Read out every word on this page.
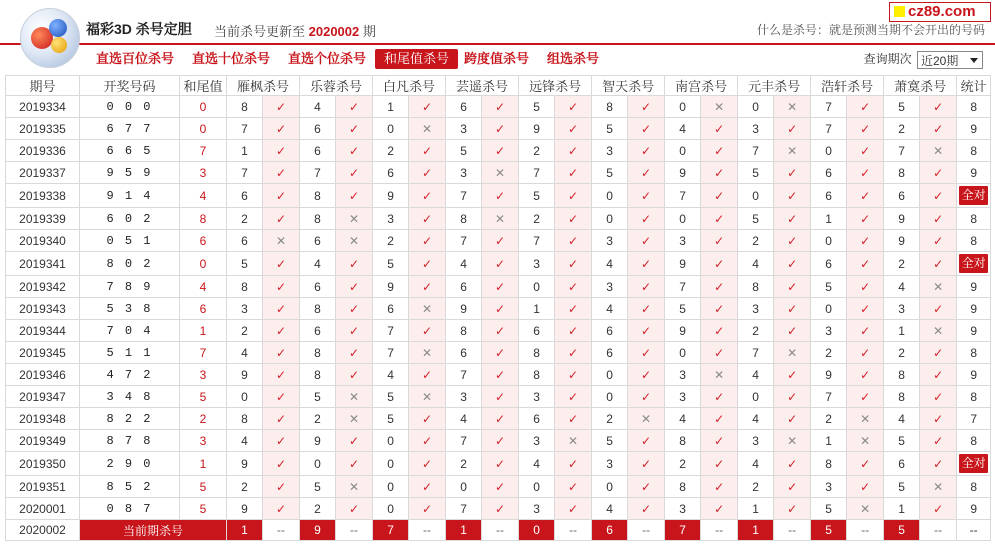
福彩3D 杀号定胆 当前杀号更新至 2020002 期
cz89.com
什么是杀号：就是预测当期不会开出的号码
直选百位杀号 直选十位杀号 直选个位杀号	和尾值杀号	跨度值杀号 组选杀号	查询期次 近20期
期号	开奖号码	和尾值	雁枫杀号		乐蓉杀号		白凡杀号		芸遥杀号		远锋杀号		智天杀号		南宫杀号		元丰杀号		浩轩杀号		萧寞杀号		统计
2019334	0 0 0	0	8	✓	4	✓	1	✓	6	✓	5	✓	8	✓	0	✕	0	✕	7	✓	5	✓	8
2019335	6 7 7	0	7	✓	6	✓	0	✕	3	✓	9	✓	5	✓	4	✓	3	✓	7	✓	2	✓	9
2019336	6 6 5	7	1	✓	6	✓	2	✓	5	✓	2	✓	3	✓	0	✓	7	✕	0	✓	7	✕	8
2019337	9 5 9	3	7	✓	7	✓	6	✓	3	✕	7	✓	5	✓	9	✓	5	✓	6	✓	8	✓	9
2019338	9 1 4	4	6	✓	8	✓	9	✓	7	✓	5	✓	0	✓	7	✓	0	✓	6	✓	6	✓	全对

2019339	6 0 2	8	2	✓	8	✕	3	✓	8	✕	2	✓	0	✓	0	✓	5	✓	1	✓	9	✓	8
2019340	0 5 1	6	6	✕	6	✕	2	✓	7	✓	7	✓	3	✓	3	✓	2	✓	0	✓	9	✓	8
2019341	8 0 2	0	5	✓	4	✓	5	✓	4	✓	3	✓	4	✓	9	✓	4	✓	6	✓	2	✓	全对

2019342	7 8 9	4	8	✓	6	✓	9	✓	6	✓	0	✓	3	✓	7	✓	8	✓	5	✓	4	✕	9
2019343	5 3 8	6	3	✓	8	✓	6	✕	9	✓	1	✓	4	✓	5	✓	3	✓	0	✓	3	✓	9
2019344	7 0 4	1	2	✓	6	✓	7	✓	8	✓	6	✓	6	✓	9	✓	2	✓	3	✓	1	✕	9
2019345	5 1 1	7	4	✓	8	✓	7	✕	6	✓	8	✓	6	✓	0	✓	7	✕	2	✓	2	✓	8
2019346	4 7 2	3	9	✓	8	✓	4	✓	7	✓	8	✓	0	✓	3	✕	4	✓	9	✓	8	✓	9
2019347	3 4 8	5	0	✓	5	✕	5	✕	3	✓	3	✓	0	✓	3	✓	0	✓	7	✓	8	✓	8
2019348	8 2 2	2	8	✓	2	✕	5	✓	4	✓	6	✓	2	✕	4	✓	4	✓	2	✕	4	✓	7
2019349	8 7 8	3	4	✓	9	✓	0	✓	7	✓	3	✕	5	✓	8	✓	3	✕	1	✕	5	✓	8
2019350	2 9 0	1	9	✓	0	✓	0	✓	2	✓	4	✓	3	✓	2	✓	4	✓	8	✓	6	✓	全对

2019351	8 5 2	5	2	✓	5	✕	0	✓	0	✓	0	✓	0	✓	8	✓	2	✓	3	✓	5	✕	8
2020001	0 8 7	5	9	✓	2	✓	0	✓	7	✓	3	✓	4	✓	3	✓	1	✓	5	✕	1	✓	9
2020002	当前期杀号		1	--	9	--	7	--	1	--	0	--	6	--	7	--	1	--	5	--	5	--	--
